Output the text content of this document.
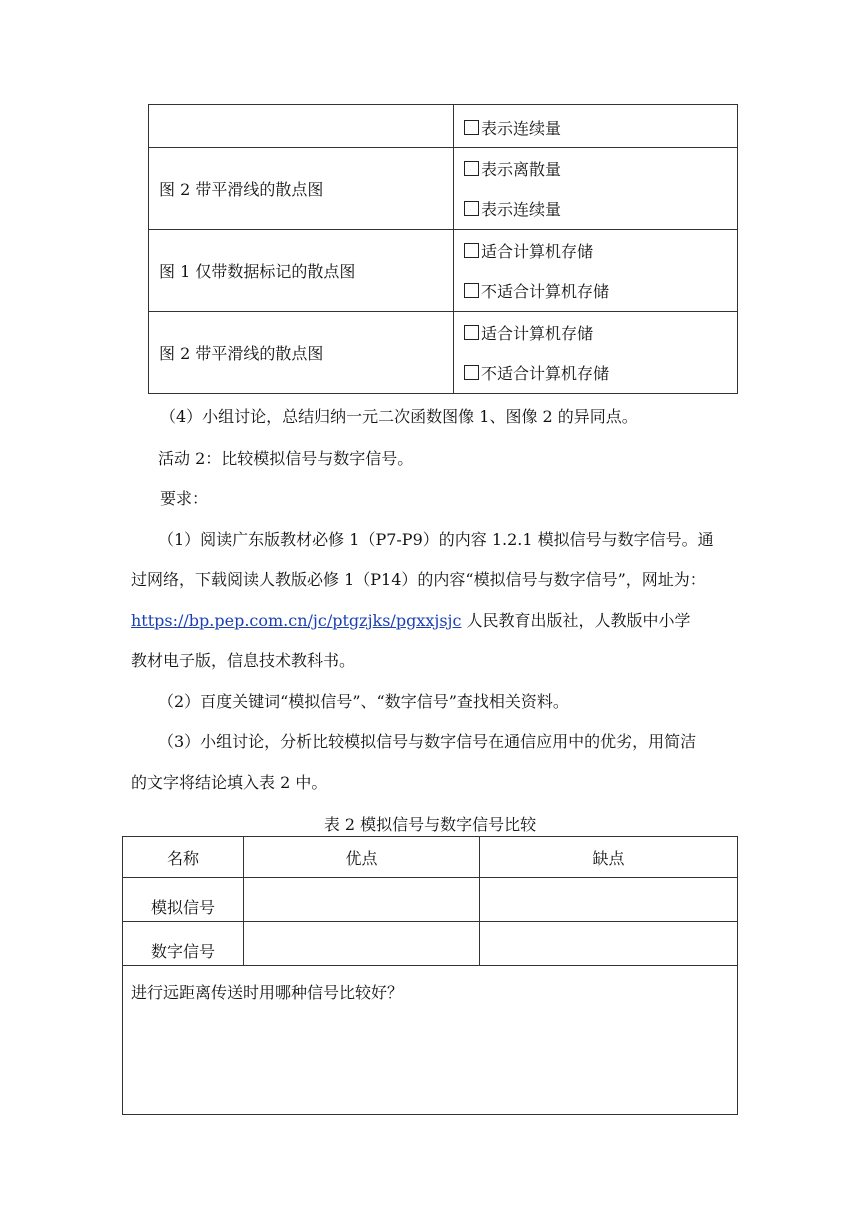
	表示连续量

图 2 带平滑线的散点图	表示离散量
表示连续量

图 1 仅带数据标记的散点图	适合计算机存储
不适合计算机存储

图 2 带平滑线的散点图	适合计算机存储
不适合计算机存储
（4）小组讨论，总结归纳一元二次函数图像 1、图像 2 的异同点。
活动 2：比较模拟信号与数字信号。
要求：
（1）阅读广东版教材必修 1（P7-P9）的内容 1.2.1 模拟信号与数字信号。通
过网络，下载阅读人教版必修 1（P14）的内容“模拟信号与数字信号”，网址为：
https://bp.pep.com.cn/jc/ptgzjks/pgxxjsjc 人民教育出版社，人教版中小学
教材电子版，信息技术教科书。
（2）百度关键词“模拟信号”、“数字信号”查找相关资料。
（3）小组讨论，分析比较模拟信号与数字信号在通信应用中的优劣，用简洁
的文字将结论填入表 2 中。
表 2 模拟信号与数字信号比较
名称	优点	缺点
模拟信号		
数字信号		
进行远距离传送时用哪种信号比较好？		
